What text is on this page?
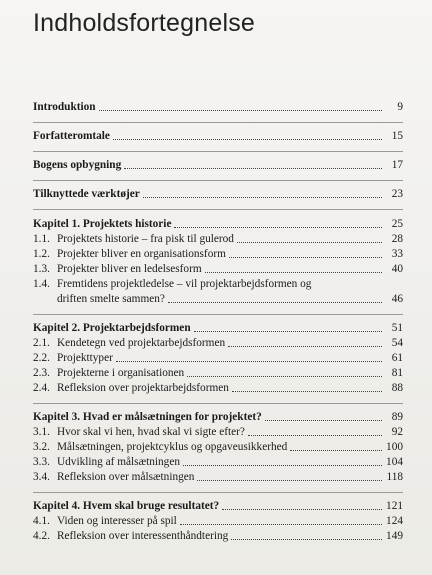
Indholdsfortegnelse
Introduktion	9
Forfatteromtale	15
Bogens opbygning	17
Tilknyttede værktøjer	23
Kapitel 1. Projektets historie	25
1.1. Projektets historie – fra pisk til gulerod	28
1.2. Projekter bliver en organisationsform	33
1.3. Projekter bliver en ledelsesform	40
1.4. Fremtidens projektledelse – vil projektarbejdsformen og
driften smelte sammen?	46
Kapitel 2. Projektarbejdsformen	51
2.1. Kendetegn ved projektarbejdsformen	54
2.2. Projekttyper	61
2.3. Projekterne i organisationen	81
2.4. Refleksion over projektarbejdsformen	88
Kapitel 3. Hvad er målsætningen for projektet?	89
3.1. Hvor skal vi hen, hvad skal vi sigte efter?	92
3.2. Målsætningen, projektcyklus og opgaveusikkerhed	100
3.3. Udvikling af målsætningen	104
3.4. Refleksion over målsætningen	118
Kapitel 4. Hvem skal bruge resultatet?	121
4.1. Viden og interesser på spil	124
4.2. Refleksion over interessenthåndtering	149
